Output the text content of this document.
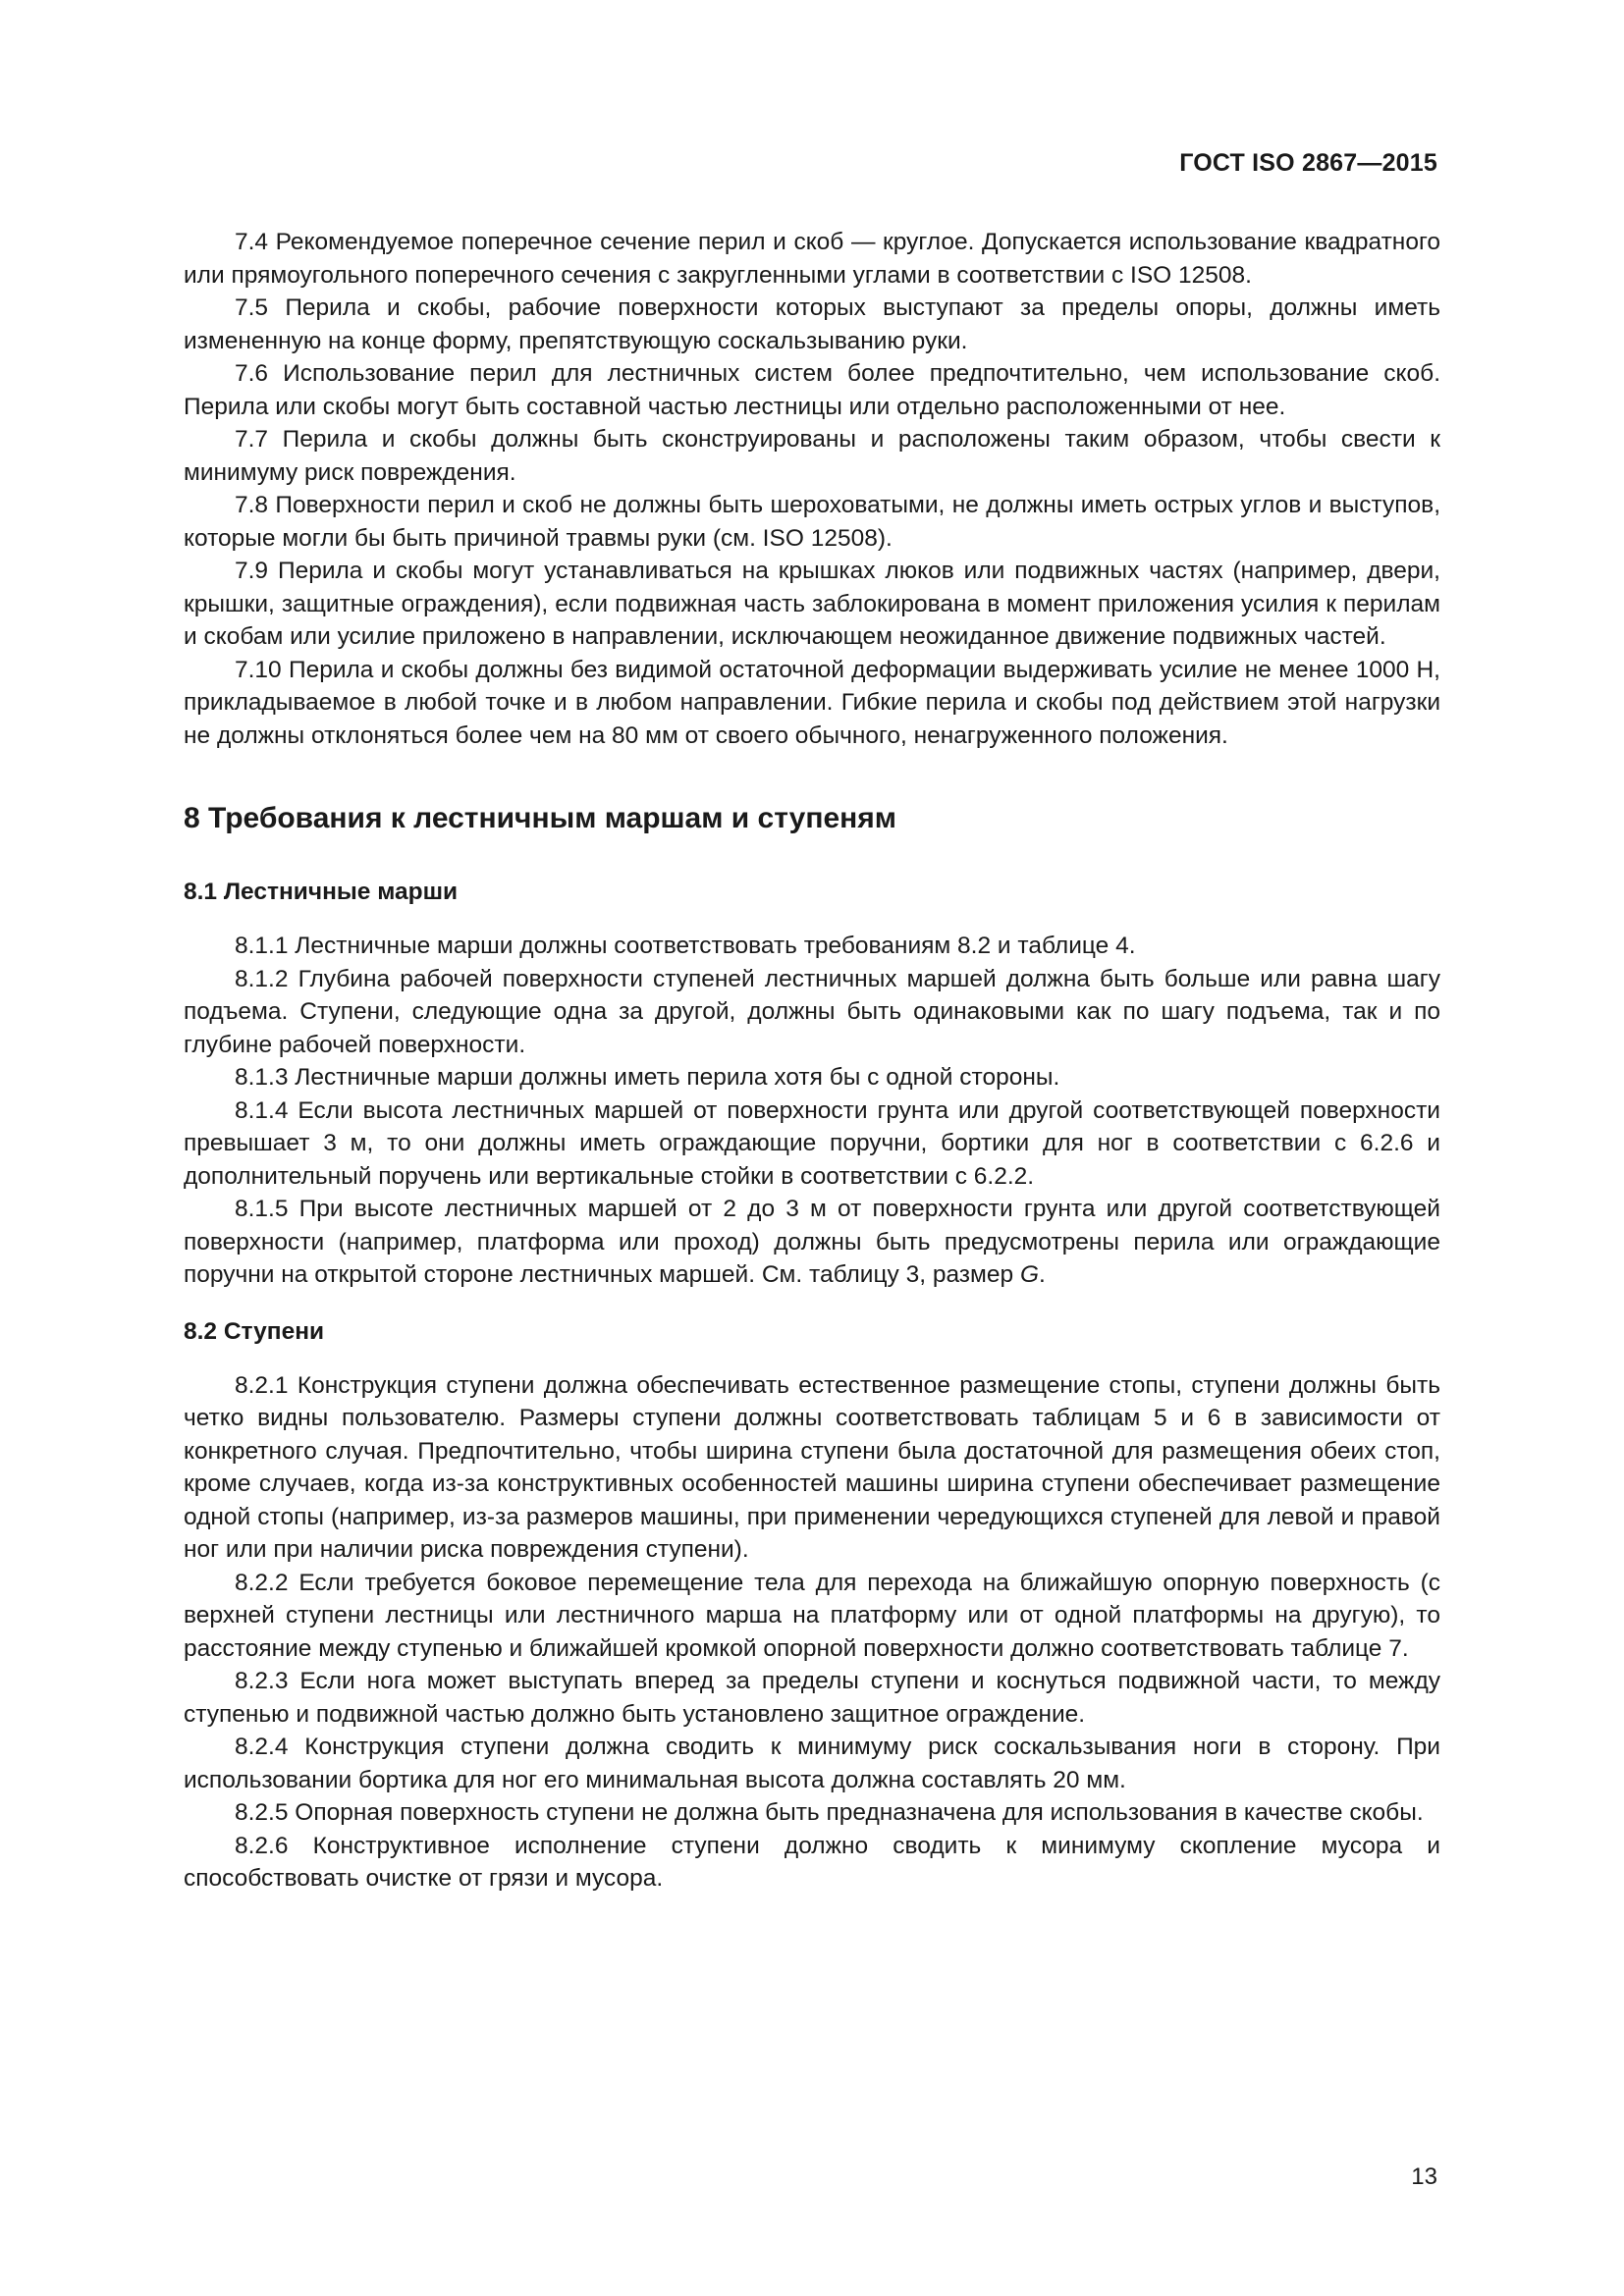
ГОСТ ISO 2867—2015

7.4 Рекомендуемое поперечное сечение перил и скоб — круглое. Допускается использование квадратного или прямоугольного поперечного сечения с закругленными углами в соответствии с ISO 12508.

7.5 Перила и скобы, рабочие поверхности которых выступают за пределы опоры, должны иметь измененную на конце форму, препятствующую соскальзыванию руки.

7.6 Использование перил для лестничных систем более предпочтительно, чем использование скоб. Перила или скобы могут быть составной частью лестницы или отдельно расположенными от нее.

7.7 Перила и скобы должны быть сконструированы и расположены таким образом, чтобы свести к минимуму риск повреждения.

7.8 Поверхности перил и скоб не должны быть шероховатыми, не должны иметь острых углов и выступов, которые могли бы быть причиной травмы руки (см. ISO 12508).

7.9 Перила и скобы могут устанавливаться на крышках люков или подвижных частях (например, двери, крышки, защитные ограждения), если подвижная часть заблокирована в момент приложения усилия к перилам и скобам или усилие приложено в направлении, исключающем неожиданное движение подвижных частей.

7.10 Перила и скобы должны без видимой остаточной деформации выдерживать усилие не менее 1000 Н, прикладываемое в любой точке и в любом направлении. Гибкие перила и скобы под действием этой нагрузки не должны отклоняться более чем на 80 мм от своего обычного, ненагруженного положения.

8 Требования к лестничным маршам и ступеням
8.1 Лестничные марши

8.1.1 Лестничные марши должны соответствовать требованиям 8.2 и таблице 4.

8.1.2 Глубина рабочей поверхности ступеней лестничных маршей должна быть больше или равна шагу подъема. Ступени, следующие одна за другой, должны быть одинаковыми как по шагу подъема, так и по глубине рабочей поверхности.

8.1.3 Лестничные марши должны иметь перила хотя бы с одной стороны.

8.1.4 Если высота лестничных маршей от поверхности грунта или другой соответствующей поверхности превышает 3 м, то они должны иметь ограждающие поручни, бортики для ног в соответствии с 6.2.6 и дополнительный поручень или вертикальные стойки в соответствии с 6.2.2.

8.1.5 При высоте лестничных маршей от 2 до 3 м от поверхности грунта или другой соответствующей поверхности (например, платформа или проход) должны быть предусмотрены перила или ограждающие поручни на открытой стороне лестничных маршей. См. таблицу 3, размер G.

8.2 Ступени

8.2.1 Конструкция ступени должна обеспечивать естественное размещение стопы, ступени должны быть четко видны пользователю. Размеры ступени должны соответствовать таблицам 5 и 6 в зависимости от конкретного случая. Предпочтительно, чтобы ширина ступени была достаточной для размещения обеих стоп, кроме случаев, когда из-за конструктивных особенностей машины ширина ступени обеспечивает размещение одной стопы (например, из-за размеров машины, при применении чередующихся ступеней для левой и правой ног или при наличии риска повреждения ступени).

8.2.2 Если требуется боковое перемещение тела для перехода на ближайшую опорную поверхность (с верхней ступени лестницы или лестничного марша на платформу или от одной платформы на другую), то расстояние между ступенью и ближайшей кромкой опорной поверхности должно соответствовать таблице 7.

8.2.3 Если нога может выступать вперед за пределы ступени и коснуться подвижной части, то между ступенью и подвижной частью должно быть установлено защитное ограждение.

8.2.4 Конструкция ступени должна сводить к минимуму риск соскальзывания ноги в сторону. При использовании бортика для ног его минимальная высота должна составлять 20 мм.

8.2.5 Опорная поверхность ступени не должна быть предназначена для использования в качестве скобы.

8.2.6 Конструктивное исполнение ступени должно сводить к минимуму скопление мусора и способствовать очистке от грязи и мусора.

13
